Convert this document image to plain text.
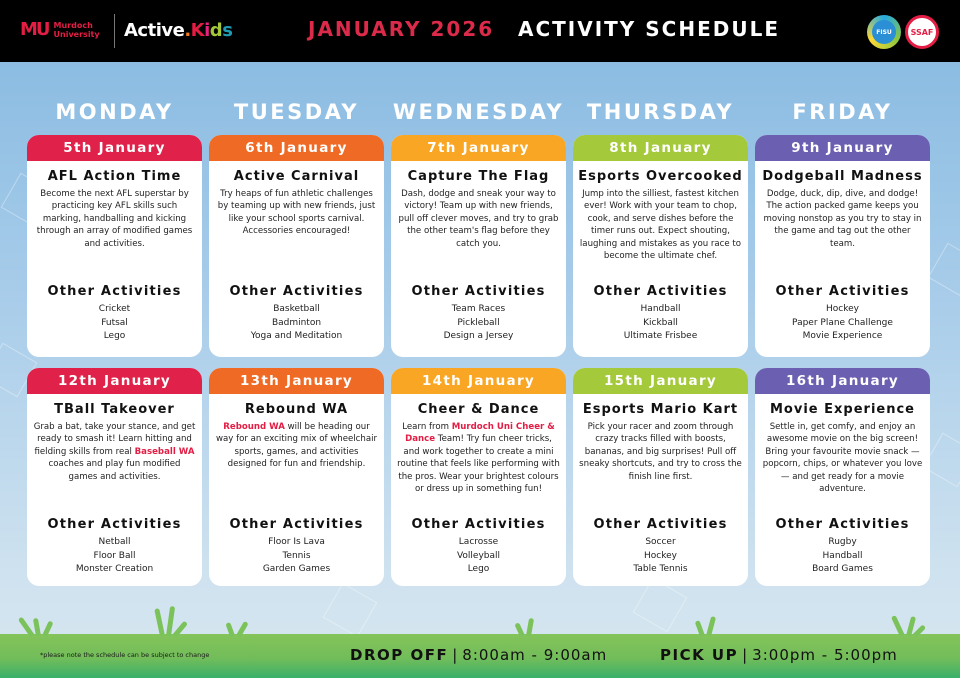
MU Murdoch
University Active.Kids	JANUARY 2026 ACTIVITY SCHEDULE	FISU	SSAF
MONDAY	TUESDAY	WEDNESDAY	THURSDAY	FRIDAY
5th January
AFL Action Time
Become the next AFL superstar by practicing key AFL skills such marking, handballing and kicking through an array of modified games and activities.
Other Activities
Cricket
Futsal
Lego
6th January
Active Carnival
Try heaps of fun athletic challenges by teaming up with new friends, just like your school sports carnival. Accessories encouraged!
Other Activities
Basketball
Badminton
Yoga and Meditation
7th January
Capture The Flag
Dash, dodge and sneak your way to victory! Team up with new friends, pull off clever moves, and try to grab the other team's flag before they catch you.
Other Activities
Team Races
Pickleball
Design a Jersey
8th January
Esports Overcooked
Jump into the silliest, fastest kitchen ever! Work with your team to chop, cook, and serve dishes before the timer runs out. Expect shouting, laughing and mistakes as you race to become the ultimate chef.
Other Activities
Handball
Kickball
Ultimate Frisbee
9th January
Dodgeball Madness
Dodge, duck, dip, dive, and dodge! The action packed game keeps you moving nonstop as you try to stay in the game and tag out the other team.
Other Activities
Hockey
Paper Plane Challenge
Movie Experience
12th January
TBall Takeover
Grab a bat, take your stance, and get ready to smash it! Learn hitting and fielding skills from real Baseball WA coaches and play fun modified games and activities.
Other Activities
Netball
Floor Ball
Monster Creation
13th January
Rebound WA
Rebound WA will be heading our way for an exciting mix of wheelchair sports, games, and activities designed for fun and friendship.
Other Activities
Floor Is Lava
Tennis
Garden Games
14th January
Cheer & Dance
Learn from Murdoch Uni Cheer & Dance Team! Try fun cheer tricks, and work together to create a mini routine that feels like performing with the pros. Wear your brightest colours or dress up in something fun!
Other Activities
Lacrosse
Volleyball
Lego
15th January
Esports Mario Kart
Pick your racer and zoom through crazy tracks filled with boosts, bananas, and big surprises! Pull off sneaky shortcuts, and try to cross the finish line first.
Other Activities
Soccer
Hockey
Table Tennis
16th January
Movie Experience
Settle in, get comfy, and enjoy an awesome movie on the big screen! Bring your favourite movie snack — popcorn, chips, or whatever you love — and get ready for a movie adventure.
Other Activities
Rugby
Handball
Board Games
*please note the schedule can be subject to change	DROP OFF | 8:00am - 9:00am	PICK UP | 3:00pm - 5:00pm
